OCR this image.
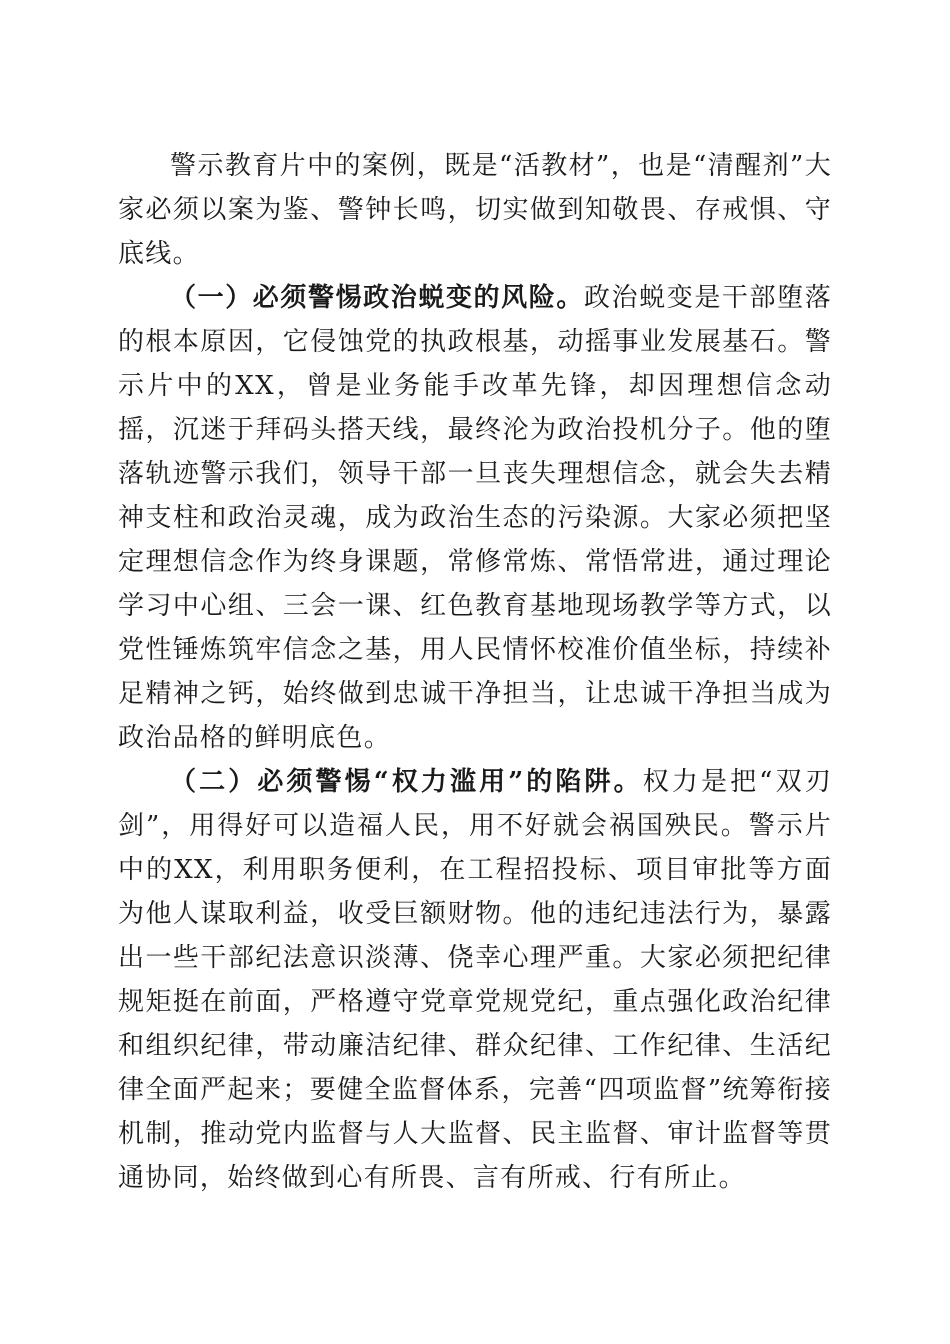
警示教育片中的案例，既是“活教材”，也是“清醒剂”大家必须以案为鉴、警钟长鸣，切实做到知敬畏、存戒惧、守底线。

（一）必须警惕政治蜕变的风险。政治蜕变是干部堕落的根本原因，它侵蚀党的执政根基，动摇事业发展基石。警示片中的XX，曾是业务能手改革先锋，却因理想信念动摇，沉迷于拜码头搭天线，最终沦为政治投机分子。他的堕落轨迹警示我们，领导干部一旦丧失理想信念，就会失去精神支柱和政治灵魂，成为政治生态的污染源。大家必须把坚定理想信念作为终身课题，常修常炼、常悟常进，通过理论学习中心组、三会一课、红色教育基地现场教学等方式，以党性锤炼筑牢信念之基，用人民情怀校准价值坐标，持续补足精神之钙，始终做到忠诚干净担当，让忠诚干净担当成为政治品格的鲜明底色。

（二）必须警惕“权力滥用”的陷阱。权力是把“双刃剑”，用得好可以造福人民，用不好就会祸国殃民。警示片中的XX，利用职务便利，在工程招投标、项目审批等方面为他人谋取利益，收受巨额财物。他的违纪违法行为，暴露出一些干部纪法意识淡薄、侥幸心理严重。大家必须把纪律规矩挺在前面，严格遵守党章党规党纪，重点强化政治纪律和组织纪律，带动廉洁纪律、群众纪律、工作纪律、生活纪律全面严起来；要健全监督体系，完善“四项监督”统筹衔接机制，推动党内监督与人大监督、民主监督、审计监督等贯通协同，始终做到心有所畏、言有所戒、行有所止。
